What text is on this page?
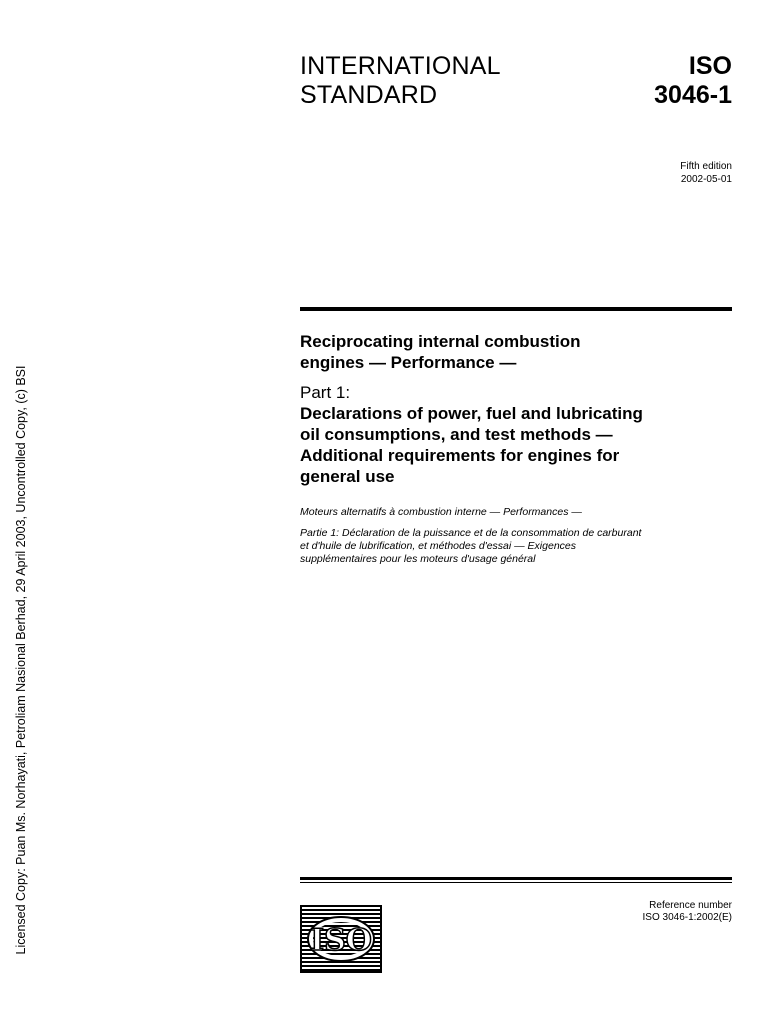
INTERNATIONAL
STANDARD
ISO
3046-1
Fifth edition
2002-05-01
Reciprocating internal combustion
engines — Performance —
Part 1:
Declarations of power, fuel and lubricating
oil consumptions, and test methods —
Additional requirements for engines for
general use

Moteurs alternatifs à combustion interne — Performances —

Partie 1: Déclaration de la puissance et de la consommation de carburant

et d'huile de lubrification, et méthodes d'essai — Exigences

supplémentaires pour les moteurs d'usage général

ISO
Reference number
ISO 3046-1:2002(E)
Licensed Copy: Puan Ms. Norhayati, Petroliam Nasional Berhad, 29 April 2003, Uncontrolled Copy, (c) BSI
